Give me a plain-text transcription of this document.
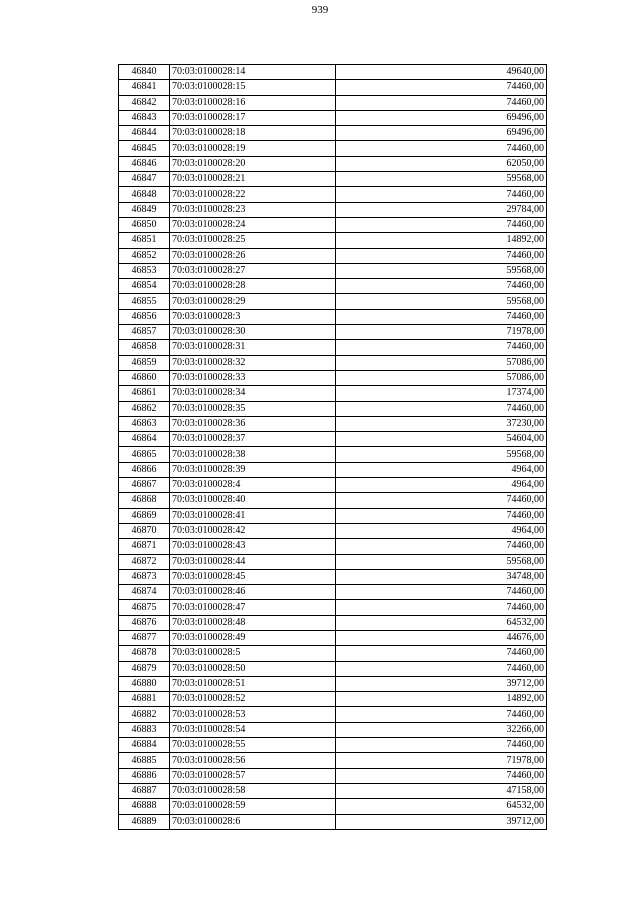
939
46840	70:03:0100028:14	49640,00
46841	70:03:0100028:15	74460,00
46842	70:03:0100028:16	74460,00
46843	70:03:0100028:17	69496,00
46844	70:03:0100028:18	69496,00
46845	70:03:0100028:19	74460,00
46846	70:03:0100028:20	62050,00
46847	70:03:0100028:21	59568,00
46848	70:03:0100028:22	74460,00
46849	70:03:0100028:23	29784,00
46850	70:03:0100028:24	74460,00
46851	70:03:0100028:25	14892,00
46852	70:03:0100028:26	74460,00
46853	70:03:0100028:27	59568,00
46854	70:03:0100028:28	74460,00
46855	70:03:0100028:29	59568,00
46856	70:03:0100028:3	74460,00
46857	70:03:0100028:30	71978,00
46858	70:03:0100028:31	74460,00
46859	70:03:0100028:32	57086,00
46860	70:03:0100028:33	57086,00
46861	70:03:0100028:34	17374,00
46862	70:03:0100028:35	74460,00
46863	70:03:0100028:36	37230,00
46864	70:03:0100028:37	54604,00
46865	70:03:0100028:38	59568,00
46866	70:03:0100028:39	4964,00
46867	70:03:0100028:4	4964,00
46868	70:03:0100028:40	74460,00
46869	70:03:0100028:41	74460,00
46870	70:03:0100028:42	4964,00
46871	70:03:0100028:43	74460,00
46872	70:03:0100028:44	59568,00
46873	70:03:0100028:45	34748,00
46874	70:03:0100028:46	74460,00
46875	70:03:0100028:47	74460,00
46876	70:03:0100028:48	64532,00
46877	70:03:0100028:49	44676,00
46878	70:03:0100028:5	74460,00
46879	70:03:0100028:50	74460,00
46880	70:03:0100028:51	39712,00
46881	70:03:0100028:52	14892,00
46882	70:03:0100028:53	74460,00
46883	70:03:0100028:54	32266,00
46884	70:03:0100028:55	74460,00
46885	70:03:0100028:56	71978,00
46886	70:03:0100028:57	74460,00
46887	70:03:0100028:58	47158,00
46888	70:03:0100028:59	64532,00
46889	70:03:0100028:6	39712,00
